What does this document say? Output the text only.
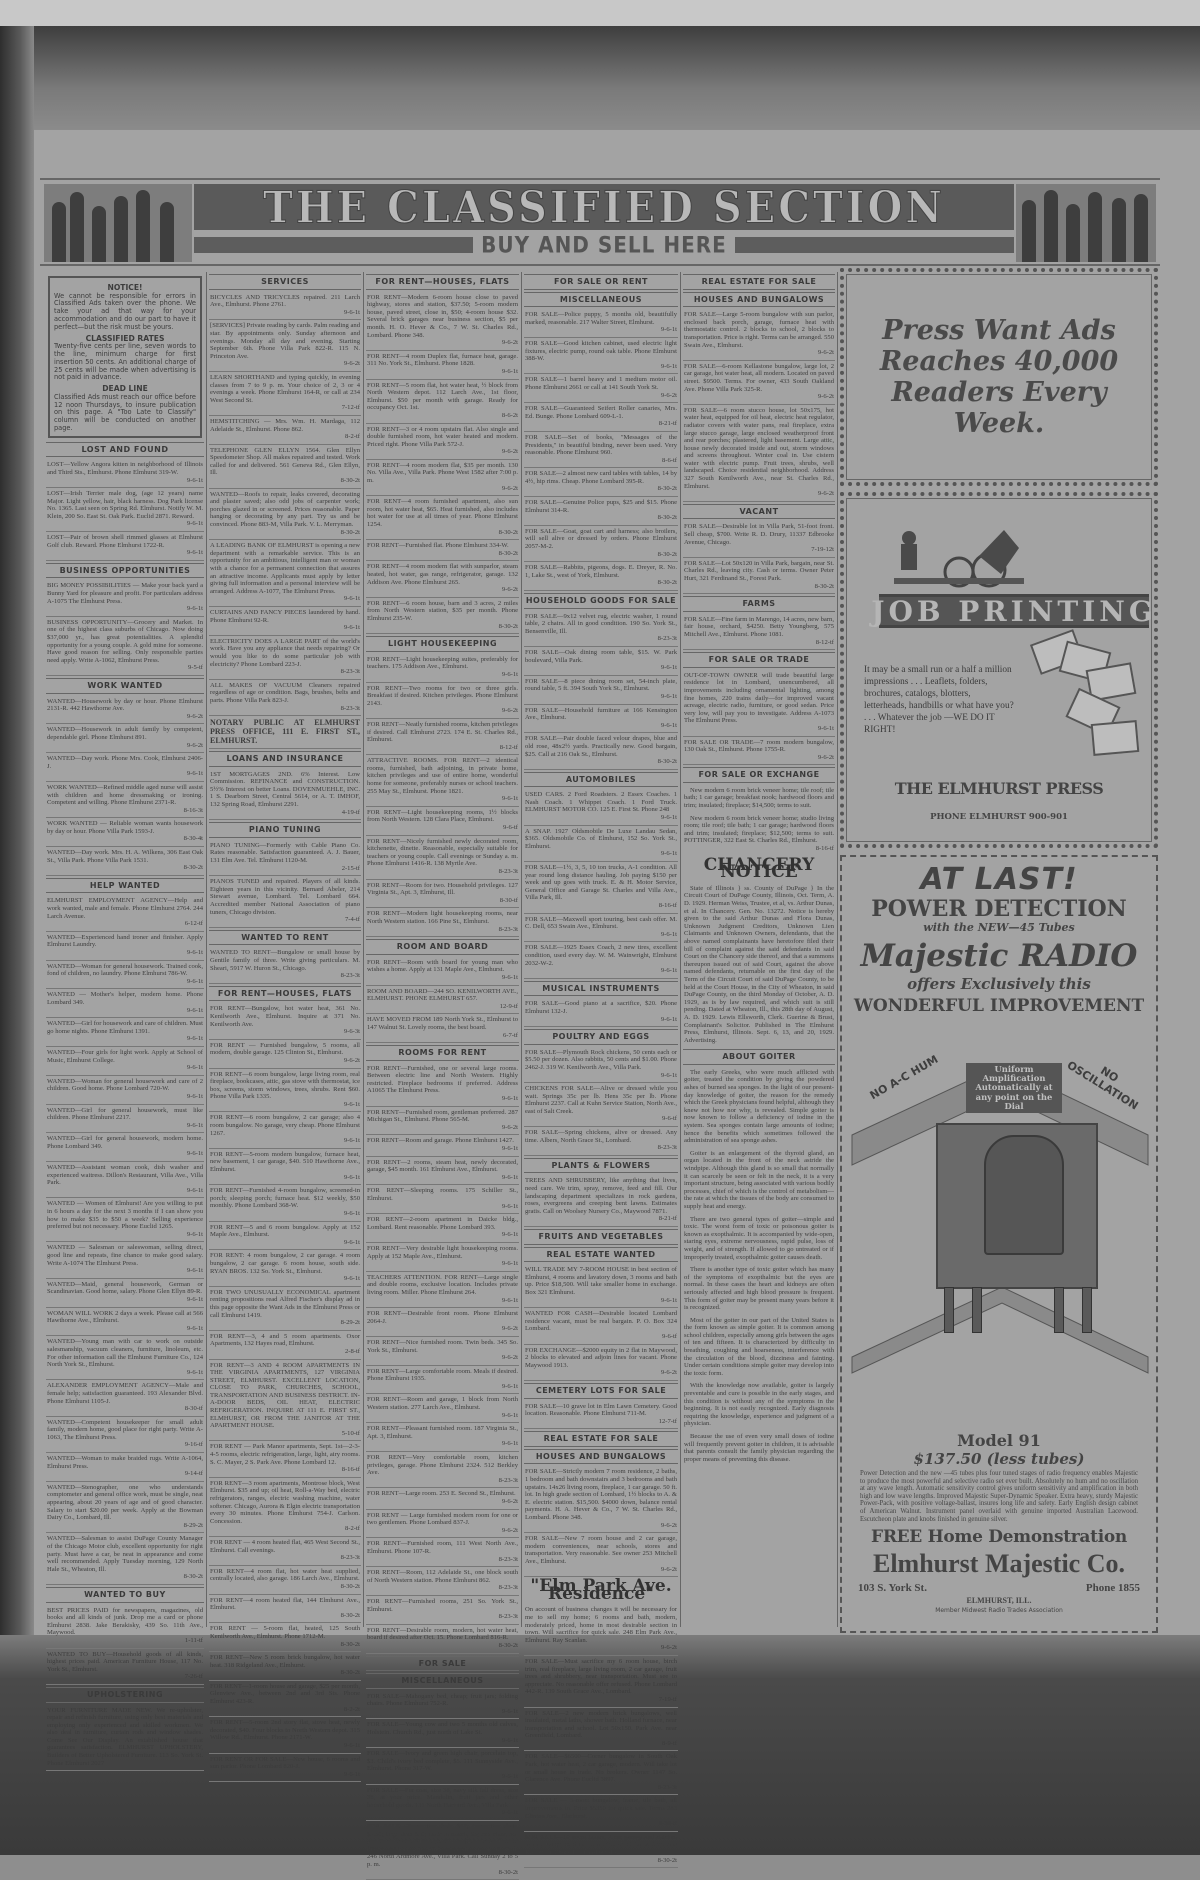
THE CLASSIFIED SECTION
BUY AND SELL HERE
NOTICE!

We cannot be responsible for errors in Classified Ads taken over the phone. We take your ad that way for your accommodation and do our part to have it perfect—but the risk must be yours.

CLASSIFIED RATES

Twenty-five cents per line, seven words to the line, minimum charge for first insertion 50 cents. An additional charge of 25 cents will be made when advertising is not paid in advance.

DEAD LINE

Classified Ads must reach our office before 12 noon Thursdays, to insure publication on this page. A "Too Late to Classify" column will be conducted on another page.

LOST AND FOUND
LOST—Yellow Angora kitten in neighborhood of Illinois and Third Sts., Elmhurst. Phone Elmhurst 319-W.
9-6-1t
LOST—Irish Terrier male dog, (age 12 years) name Major. Light yellow, hair, black harness. Dog Park license No. 1365. Last seen on Spring Rd. Elmhurst. Notify W. M. Klein, 200 So. East St. Oak Park. Euclid 2871. Reward.
9-6-1t
LOST—Pair of brown shell rimmed glasses at Elmhurst Golf club. Reward. Phone Elmhurst 1722-R.
9-6-1t
BUSINESS OPPORTUNITIES
BIG MONEY POSSIBILITIES — Make your back yard a Bunny Yard for pleasure and profit. For particulars address A-1075 The Elmhurst Press.
9-6-1t
BUSINESS OPPORTUNITY—Grocery and Market. In one of the highest class suburbs of Chicago. Now doing $37,000 yr., has great potentialities. A splendid opportunity for a young couple. A gold mine for someone. Have good reason for selling. Only responsible parties need apply. Write A-1062, Elmhurst Press.
9-5-tf
WORK WANTED
WANTED—Housework by day or hour. Phone Elmhurst 2131-R. 442 Hawthorne Ave.
9-6-2t
WANTED—Housework in adult family by competent, dependable girl. Phone Elmhurst 891.
9-6-2t
WANTED—Day work. Phone Mrs. Cook, Elmhurst 2406-J.
9-6-1t
WORK WANTED—Refined middle aged nurse will assist with children and home dressmaking or ironing. Competent and willing. Phone Elmhurst 2371-R.
8-16-3t
WORK WANTED — Reliable woman wants housework by day or hour. Phone Villa Park 1593-J.
8-30-4t
WANTED—Day work. Mrs. H. A. Wilkens, 306 East Oak St., Villa Park. Phone Villa Park 1531.
8-30-2t
HELP WANTED
ELMHURST EMPLOYMENT AGENCY—Help and work wanted, male and female. Phone Elmhurst 2764. 244 Larch Avenue.
6-12-tf
WANTED—Experienced hand ironer and finisher. Apply Elmhurst Laundry.
9-6-1t
WANTED—Woman for general housework. Trained cook, fond of children, no laundry. Phone Elmhurst 786-W.
9-6-1t
WANTED — Mother's helper, modern home. Phone Lombard 349.
9-6-1t
WANTED—Girl for housework and care of children. Must go home nights. Phone Elmhurst 1391.
9-6-1t
WANTED—Four girls for light work. Apply at School of Music, Elmhurst College.
9-6-1t
WANTED—Woman for general housework and care of 2 children. Good home. Phone Lombard 720-W.
9-6-1t
WANTED—Girl for general housework, must like children. Phone Elmhurst 2217.
9-6-1t
WANTED—Girl for general housework, modern home. Phone Lombard 349.
9-6-1t
WANTED—Assistant woman cook, dish washer and experienced waitress. Dillon's Restaurant, Villa Ave., Villa Park.
9-6-1t
WANTED — Women of Elmhurst! Are you willing to put in 6 hours a day for the next 3 months if I can show you how to make $35 to $50 a week? Selling experience preferred but not necessary. Phone Euclid 1265.
9-6-1t
WANTED — Salesman or saleswoman, selling direct, good line and repeats, fine chance to make good salary. Write A-1074 The Elmhurst Press.
9-6-1t
WANTED—Maid, general housework, German or Scandinavian. Good home, salary. Phone Glen Ellyn 89-R.
9-6-1t
WOMAN WILL WORK 2 days a week. Please call at 566 Hawthorne Ave., Elmhurst.
9-6-1t
WANTED—Young man with car to work on outside salesmanship, vacuum cleaners, furniture, linoleum, etc. For other information call the Elmhurst Furniture Co., 124 North York St., Elmhurst.
9-6-1t
ALEXANDER EMPLOYMENT AGENCY—Male and female help; satisfaction guaranteed. 193 Alexander Blvd. Phone Elmhurst 1105-J.
8-30-tf
WANTED—Competent housekeeper for small adult family, modern home, good place for right party. Write A-1063, The Elmhurst Press.
9-16-tf
WANTED—Woman to make braided rugs. Write A-1064, Elmhurst Press.
9-14-tf
WANTED—Stenographer, one who understands comptometer and general office work, must be single, neat appearing, about 20 years of age and of good character. Salary to start $20.00 per week. Apply at the Bowman Dairy Co., Lombard, Ill.
8-29-2t
WANTED—Salesman to assist DuPage County Manager of the Chicago Motor club, excellent opportunity for right party. Must have a car, be neat in appearance and come well recommended. Apply Tuesday morning, 129 North Hale St., Wheaton, Ill.
8-30-2t
WANTED TO BUY
BEST PRICES PAID for newspapers, magazines, old books and all kinds of junk. Drop me a card or phone Elmhurst 2838. Jake Berakisky, 439 So. 11th Ave., Maywood.
1-11-tf
WANTED TO BUY—Household goods of all kinds, highest prices paid. American Furniture House, 117 No. York St., Elmhurst.
7-26-tf
UPHOLSTERING
YOUR FURNITURE MADE NEW. We re-upholster, repair and refinish furniture, using only best materials and employing only experienced and skilled workmen. We also deal in furniture, curtain rods and window shades. Come See Our Display. An established house that guarantees satisfaction. ELMHURST UPHOLSTERY, Builders of Better Upholstered Furniture. 113 So. York St. Phone Elmhurst 2027
SERVICES
BICYCLES AND TRICYCLES repaired. 211 Larch Ave., Elmhurst. Phone 2761.
9-6-1t
[SERVICES] Private reading by cards. Palm reading and star. By appointments only. Sunday afternoon and evenings. Monday all day and evening. Starting September 6th. Phone Villa Park 822-R. 115 N. Princeton Ave.
9-6-2t
LEARN SHORTHAND and typing quickly, in evening classes from 7 to 9 p. m. Your choice of 2, 3 or 4 evenings a week. Phone Elmhurst 164-R, or call at 234 West Second St.
7-12-tf
HEMSTITCHING — Mrs. Wm. H. Mardaga, 112 Adelaide St., Elmhurst. Phone 862.
8-2-tf
TELEPHONE GLEN ELLYN 1564. Glen Ellyn Speedometer Shop. All makes repaired and tested. Work called for and delivered. 561 Geneva Rd., Glen Ellyn, Ill.
8-30-2t
WANTED—Roofs to repair, leaks covered, decorating and plaster saved; also odd jobs of carpenter work; porches glazed in or screened. Prices reasonable. Paper hanging or decorating by any part. Try us and be convinced. Phone 883-M, Villa Park. V. L. Merryman.
8-30-2t
A LEADING BANK OF ELMHURST is opening a new department with a remarkable service. This is an opportunity for an ambitious, intelligent man or woman with a chance for a permanent connection that assures an attractive income. Applicants must apply by letter giving full information and a personal interview will be arranged. Address A-1077, The Elmhurst Press.
9-6-1t
CURTAINS AND FANCY PIECES laundered by hand. Phone Elmhurst 92-R.
9-6-1t
ELECTRICITY DOES A LARGE PART of the world's work. Have you any appliance that needs repairing? Or would you like to do some particular job with electricity? Phone Lombard 223-J.
8-23-3t
ALL MAKES OF VACUUM Cleaners repaired regardless of age or condition. Bags, brushes, belts and parts. Phone Villa Park 823-J.
8-23-3t
NOTARY PUBLIC AT ELMHURST PRESS OFFICE, 111 E. FIRST ST., ELMHURST.
LOANS AND INSURANCE
1ST MORTGAGES 2ND. 6% Interest. Low Commission. REFINANCE and CONSTRUCTION. 5½% Interest on better Loans. DOVENMUEHLE, INC. 1 S. Dearborn Street, Central 5614, or A. T. IMHOF, 132 Spring Road, Elmhurst 2291.
4-19-tf
PIANO TUNING
PIANO TUNING—Formerly with Cable Piano Co. Rates reasonable. Satisfaction guaranteed. A. J. Bauer, 131 Elm Ave. Tel. Elmhurst 1120-M.
2-15-tf
PIANOS TUNED and repaired. Players of all kinds. Eighteen years in this vicinity. Bernard Abeler, 214 Stewart avenue, Lombard. Tel. Lombard 664. Accredited member National Association of piano tuners, Chicago division.
7-4-tf
WANTED TO RENT
WANTED TO RENT—Bungalow or small house by Gentile family of three. Write giving particulars. M. Sheari, 5917 W. Huron St., Chicago.
8-23-3t
FOR RENT—HOUSES, FLATS
FOR RENT—Bungalow, hot water heat, 361 No. Kenilworth Ave., Elmhurst. Inquire at 371 No. Kenilworth Ave.
9-6-3t
FOR RENT — Furnished bungalow, 5 rooms, all modern, double garage. 125 Clinton St., Elmhurst.
9-6-2t
FOR RENT—6 room bungalow, large living room, real fireplace, bookcases, attic, gas stove with thermostat, ice box, screens, storm windows, trees, shrubs. Rent $60. Phone Villa Park 1335.
9-6-1t
FOR RENT—6 room bungalow, 2 car garage; also 4 room bungalow. No garage, very cheap. Phone Elmhurst 1267.
9-6-1t
FOR RENT—5-room modern bungalow, furnace heat, new basement, 1 car garage, $40. 510 Hawthorne Ave., Elmhurst.
9-6-1t
FOR RENT—Furnished 4-room bungalow, screened-in porch; sleeping porch; furnace heat. $12 weekly, $50 monthly. Phone Lombard 368-W.
9-6-1t
FOR RENT—5 and 6 room bungalow. Apply at 152 Maple Ave., Elmhurst.
9-6-1t
FOR RENT: 4 room bungalow, 2 car garage. 4 room bungalow, 2 car garage. 6 room house, south side. RYAN BROS. 132 So. York St., Elmhurst.
9-6-1t
FOR TWO UNUSUALLY ECONOMICAL apartment renting propositions read Alfred Fischer's display ad in this page opposite the Want Ads in the Elmhurst Press or call Elmhurst 1419.
8-29-2t
FOR RENT—3, 4 and 5 room apartments. Oxor Apartments, 132 Hayes road, Elmhurst.
2-8-tf
FOR RENT—3 AND 4 ROOM APARTMENTS IN THE VIRGINIA APARTMENTS, 127 VIRGINIA STREET, ELMHURST. EXCELLENT LOCATION, CLOSE TO PARK, CHURCHES, SCHOOL, TRANSPORTATION AND BUSINESS DISTRICT. IN-A-DOOR BEDS, OIL HEAT, ELECTRIC REFRIGERATION. INQUIRE AT 111 E. FIRST ST., ELMHURST, OR FROM THE JANITOR AT THE APARTMENT HOUSE.
5-10-tf
FOR RENT — Park Manor apartments, Sept. 1st—2-3-4-5 rooms, electric refrigeration, large, light, airy rooms. S. C. Mayer, 2 S. Park Ave. Phone Lombard 12.
8-16-tf
FOR RENT—3 room apartments, Montrose block, West Elmhurst. $35 and up; oil heat, Roll-a-Way bed, electric refrigerators, ranges, electric washing machine, water softener. Chicago, Aurora & Elgin electric transportation every 30 minutes. Phone Elmhurst 754-J. Carlson. Concession.
8-2-tf
FOR RENT — 4 room heated flat, 465 West Second St., Elmhurst. Call evenings.
8-23-3t
FOR RENT—4 room flat, hot water heat supplied, centrally located, also garage. 186 Larch Ave., Elmhurst.
8-30-2t
FOR RENT—4 room heated flat, 144 Elmhurst Ave., Elmhurst.
8-30-2t
FOR RENT — 5-room flat, heated, 125 South Kenilworth Ave., Elmhurst. Phone 1712-M.
8-30-2t
FOR RENT—New 5 room brick bungalow, hot water heat. 318 Ridgeland Ave., Elmhurst.
8-30-2t
FOR RENT—1-room house and garage, $25 per month, Glenview Ave., between 2nd and 3rd Sts. Phone Elmhurst 423-R.
8-2-2t
FOR RENT—5-room 2nd story flat, stove heat, newly decorated, $40. Four blocks to North Western depot. 315 Willow Rd., Elmhurst. Phone 2171-W.
9-6-1t
FOR RENT OR FOR SALE—New house, 6 rooms and sun parlor. Phone Lombard 820-J.
9-6-1t
FOR RENT—HOUSES, FLATS
FOR RENT—Modern 6-room house close to paved highway, stores and station, $37.50; 5-room modern house, paved street, close in, $50; 4-room house $32. Several brick garages near business section, $5 per month. H. O. Hever & Co., 7 W. St. Charles Rd., Lombard. Phone 348.
9-6-2t
FOR RENT—4 room Duplex flat, furnace heat, garage. 311 No. York St., Elmhurst. Phone 1828.
9-6-1t
FOR RENT—5 room flat, hot water heat, ½ block from North Western depot. 112 Larch Ave., 1st floor, Elmhurst. $50 per month with garage. Ready for occupancy Oct. 1st.
8-6-2t
FOR RENT—3 or 4 room upstairs flat. Also single and double furnished room, hot water heated and modern. Priced right. Phone Villa Park 572-J.
9-6-2t
FOR RENT—4 room modern flat, $35 per month. 130 No. Villa Ave., Villa Park. Phone West 1582 after 7:00 p. m.
9-6-2t
FOR RENT—4 room furnished apartment, also sun room, hot water heat, $65. Heat furnished, also includes hot water for use at all times of year. Phone Elmhurst 1254.
8-30-2t
FOR RENT—Furnished flat. Phone Elmhurst 334-W.
8-30-2t
FOR RENT—4 room modern flat with sunparlor, steam heated, hot water, gas range, refrigerator, garage. 132 Addison Ave. Phone Elmhurst 265.
9-6-2t
FOR RENT—6 room house, barn and 3 acres, 2 miles from North Western station, $35 per month. Phone Elmhurst 235-W.
8-30-2t
LIGHT HOUSEKEEPING
FOR RENT—Light housekeeping suites, preferably for teachers. 175 Addison Ave., Elmhurst.
9-6-1t
FOR RENT—Two rooms for two or three girls. Breakfast if desired. Kitchen privileges. Phone Elmhurst 2143.
9-6-2t
FOR RENT—Neatly furnished rooms, kitchen privileges if desired. Call Elmhurst 2723. 174 E. St. Charles Rd., Elmhurst.
8-12-tf
ATTRACTIVE ROOMS. FOR RENT—2 identical rooms, furnished, bath adjoining, in private home, kitchen privileges and use of entire home, wonderful home for someone, preferably nurses or school teachers. 255 May St., Elmhurst. Phone 1821.
9-6-1t
FOR RENT—Light housekeeping rooms, 1½ blocks from North Western. 128 Clara Place, Elmhurst.
9-6-tf
FOR RENT—Nicely furnished newly decorated room, kitchenette, dinette. Reasonable, especially suitable for teachers or young couple. Call evenings or Sunday a. m. Phone Elmhurst 1416-R. 138 Myrtle Ave.
8-23-3t
FOR RENT—Room for two. Household privileges. 127 Virginia St., Apt. 3, Elmhurst, Ill.
8-30-tf
FOR RENT—Modern light housekeeping rooms, near North Western station. 166 Pine St., Elmhurst.
8-23-3t
ROOM AND BOARD
FOR RENT—Room with board for young man who wishes a home. Apply at 131 Maple Ave., Elmhurst.
9-6-1t
ROOM AND BOARD—244 SO. KENILWORTH AVE., ELMHURST. PHONE ELMHURST 657.
12-9-tf
HAVE MOVED FROM 189 North York St., Elmhurst to 147 Walnut St. Lovely rooms, the best board.
6-7-tf
ROOMS FOR RENT
FOR RENT—Furnished, one or several large rooms. Between electric line and North Western. Highly restricted. Fireplace bedrooms if preferred. Address A1065 The Elmhurst Press.
9-6-1t
FOR RENT—Furnished room, gentleman preferred. 287 Michigan St., Elmhurst. Phone 565-M.
9-6-2t
FOR RENT—Room and garage. Phone Elmhurst 1427.
9-6-1t
FOR RENT—2 rooms, steam heat, newly decorated, garage, $45 month. 161 Elmhurst Ave., Elmhurst.
9-6-1t
FOR RENT—Sleeping rooms. 175 Schiller St., Elmhurst.
9-6-1t
FOR RENT—2-room apartment in Daicke bldg., Lombard. Rent reasonable. Phone Lombard 393.
9-6-1t
FOR RENT—Very desirable light housekeeping rooms. Apply at 152 Maple Ave., Elmhurst.
9-6-1t
TEACHERS ATTENTION. FOR RENT—Large single and double rooms, exclusive location. Includes private living room. Miller. Phone Elmhurst 264.
9-6-1t
FOR RENT—Desirable front room. Phone Elmhurst 2064-J.
9-6-2t
FOR RENT—Nice furnished room. Twin beds. 345 So. York St., Elmhurst.
9-6-2t
FOR RENT—Large comfortable room. Meals if desired. Phone Elmhurst 1935.
9-6-1t
FOR RENT—Room and garage, 1 block from North Western station. 277 Larch Ave., Elmhurst.
9-6-1t
FOR RENT—Pleasant furnished room. 187 Virginia St., Apt. 3, Elmhurst.
9-6-1t
FOR RENT—Very comfortable room, kitchen privileges, garage. Phone Elmhurst 2324. 512 Berkley Ave.
8-23-3t
FOR RENT—Large room. 253 E. Second St., Elmhurst.
9-6-2t
FOR RENT — Large furnished modern room for one or two gentlemen. Phone Lombard 837-J.
9-6-2t
FOR RENT—Furnished room, 111 West North Ave., Elmhurst. Phone 107-R.
8-23-3t
FOR RENT—Room, 112 Adelaide St., one block south of North Western station. Phone Elmhurst 862.
8-23-3t
FOR RENT—Furnished rooms, 251 So. York St., Elmhurst.
8-23-3t
FOR RENT—Desirable room, modern, hot water heat, board if desired after Oct. 15. Phone Lombard 816-R.
8-30-2t
FOR SALE
MISCELLANEOUS
FOR SALE—Mahogany bed, cheap; fruit jars; folding chairs. Phone Elmhurst 752-R.
9-6-1t
FOR SALE—Young cow and two 5 months old calves, Holstein. Church Rd., just north of Lake St.
9-6-1t
FOR SALE—Ivory and green high chair, porcelain top, $3. Child's ivory bed complete, $5. 111 Sunnyside Ave., Elmhurst. Phone 317-W.
9-6-1t
FOR SALE—Fur coat, size 38, navy silk fall dress, size 38, at your price. Mandolin, fruit jars and other household goods. 131 North Harvard Ave., Villa Park.
9-6-1t
FOR SALE—Typewriter desk, $12; typewriter chair, $2.50; large desk $20; chair to match, $5; cod chair, $6; gas steam heater, $10; rugs, $12 to $25; picture frames; kitchen cabinet, $10; window screens, etc. R. E. Wall, 246 North Ardmore Ave., Villa Park. Call Sunday 2 to 5 p. m.
8-30-2t
FOR SALE OR RENT
MISCELLANEOUS
FOR SALE—Police puppy, 5 months old, beautifully marked, reasonable. 217 Walter Street, Elmhurst.
9-6-1t
FOR SALE—Good kitchen cabinet, used electric light fixtures, electric pump, round oak table. Phone Elmhurst 388-W.
9-6-1t
FOR SALE—1 barrel heavy and 1 medium motor oil. Phone Elmhurst 2661 or call at 141 South York St.
9-6-2t
FOR SALE—Guaranteed Seifert Roller canaries, Mrs. Ed. Bunge. Phone Lombard 609-L-1.
8-21-tf
FOR SALE—Set of books, "Messages of the Presidents," in beautiful binding, never been used. Very reasonable. Phone Elmhurst 960.
8-6-tf
FOR SALE—2 almost new card tables with tables, 14 by 4½, hip rims. Cheap. Phone Lombard 395-R.
8-30-2t
FOR SALE—Genuine Police pups, $25 and $15. Phone Elmhurst 314-R.
8-30-2t
FOR SALE—Goat, goat cart and harness; also broilers, will sell alive or dressed by orders. Phone Elmhurst 2057-M-2.
8-30-2t
FOR SALE—Rabbits, pigeons, dogs. E. Dreyer, R. No. 1, Lake St., west of York, Elmhurst.
8-30-2t
HOUSEHOLD GOODS FOR SALE
FOR SALE—9x12 velvet rug, electric washer, 1 round table, 2 chairs. All in good condition. 190 So. York St., Bensenville, Ill.
8-23-3t
FOR SALE—Oak dining room table, $15. W. Park boulevard, Villa Park.
9-6-1t
FOR SALE—8 piece dining room set, 54-inch plate, round table, 5 ft. 394 South York St., Elmhurst.
9-6-1t
FOR SALE—Household furniture at 166 Kensington Ave., Elmhurst.
9-6-1t
FOR SALE—Pair double faced velour drapes, blue and old rose, 48x2½ yards. Practically new. Good bargain, $25. Call at 216 Oak St., Elmhurst.
8-30-2t
AUTOMOBILES
USED CARS. 2 Ford Roadsters. 2 Essex Coaches. 1 Nash Coach. 1 Whippet Coach. 1 Ford Truck. ELMHURST MOTOR CO. 125 E. First St. Phone 248
9-6-1t
A SNAP. 1927 Oldsmobile De Luxe Landau Sedan, $365. Oldsmobile Co. of Elmhurst, 152 So. York St., Elmhurst.
9-6-1t
FOR SALE—1½, 3, 5, 10 ton trucks, A-1 condition. All year round long distance hauling. Job paying $150 per week and up goes with truck. E. & H. Motor Service, General Office and Garage St. Charles and Villa Ave., Villa Park, Ill.
8-16-tf
FOR SALE—Maxwell sport touring, best cash offer. M. C. Dell, 653 Swain Ave., Elmhurst.
9-6-1t
FOR SALE—1925 Essex Coach, 2 new tires, excellent condition, used every day. W. M. Wainwright, Elmhurst 2032-W-2.
9-6-1t
MUSICAL INSTRUMENTS
FOR SALE—Good piano at a sacrifice, $20. Phone Elmhurst 132-J.
9-6-1t
POULTRY AND EGGS
FOR SALE—Plymouth Rock chickens, 50 cents each or $5.50 per dozen. Also rabbits, 50 cents and $1.00. Phone 2462-J. 319 W. Kenilworth Ave., Villa Park.
9-6-1t
CHICKENS FOR SALE—Alive or dressed while you wait. Springs 35c per lb. Hens 35c per lb. Phone Elmhurst 2237. Call at Kuhn Service Station, North Ave., east of Salt Creek.
9-6-tf
FOR SALE—Spring chickens, alive or dressed. Any time. Albers, North Grace St., Lombard.
8-23-3t
PLANTS & FLOWERS
TREES AND SHRUBBERY, like anything that lives, need care. We trim, spray, remove, feed and fill. Our landscaping department specializes in rock gardens, roses, evergreens and creeping bent lawns. Estimates gratis. Call on Woolsey Nursery Co., Maywood 7871.
8-21-tf
FRUITS AND VEGETABLES
REAL ESTATE WANTED
WILL TRADE MY 7-ROOM HOUSE in best section of Elmhurst, 4 rooms and lavatory down, 3 rooms and bath up. Price $18,500. Will take smaller home in exchange. Box 321 Elmhurst.
9-6-1t
WANTED FOR CASH—Desirable located Lombard residence vacant, must be real bargain. P. O. Box 324 Lombard.
9-6-tf
FOR EXCHANGE—$2000 equity in 2 flat in Maywood, 2 blocks to elevated and adjoin lines for vacant. Phone Maywood 1913.
9-6-2t
CEMETERY LOTS FOR SALE
FOR SALE—10 grave lot in Elm Lawn Cemetery. Good location. Reasonable. Phone Elmhurst 711-M.
12-7-tf
REAL ESTATE FOR SALE
HOUSES AND BUNGALOWS
FOR SALE—Strictly modern 7 room residence, 2 baths, 1 bedroom and bath downstairs and 3 bedrooms and bath upstairs. 14x26 living room, fireplace, 1 car garage. 50 ft. lot. In high grade section of Lombard, 1½ blocks to A. & E. electric station. $15,500. $4000 down, balance rental payments. H. A. Hever & Co., 7 W. St. Charles Rd., Lombard. Phone 348.
9-6-2t
FOR SALE—New 7 room house and 2 car garage, modern conveniences, near schools, stores and transportation. Very reasonable. See owner 253 Mitchell Ave., Elmhurst.
9-6-2t
"Elm Park Ave. Residence"
On account of business changes it will be necessary for me to sell my home; 6 rooms and bath, modern, moderately priced, home in most desirable section in town. Will sacrifice for quick sale. 248 Elm Park Ave., Elmhurst. Ray Scanlan.
9-6-2t
FOR SALE—Must sacrifice my 6 room house, birch trim, real fireplace, large living room, 2 car garage, fruit trees and shrubbery, near transportation. Must see to appreciate. No reasonable offer refused. Phone Lombard 442-R. 139 South Grace Ave., Lombard.
7-19-tf
FOR SALE—2 new modern brick bungalows, well insulated, metal laths, shower bath. Holland furnace, near transportation and school. Lot 50x150. Park Ave. near Greenfield, Lombard.
8-9-tf
FOR SALE—$6500—Corner bungalow in South Oak Park, hot water heat, 2 car garage, modern. Will take lot or small house in trade. No brokers. Owner 1147 So. Clarence Ave. Phone Euclid 3897.
8-23-3t
FOR SALE — 5-room bungalow, frame, tile bath, all improvements in. Price $5350 for quick sale. Terms 283 Clinton Ave., Elmhurst.
8-30-tf
FOR SALE—10 room house, 2 car garage and chicken house. Large garden. Lots 82x125 at Villa Ave. and Roosevelt. Phone Lombard 869-L-2.
8-30-2t
REAL ESTATE FOR SALE
HOUSES AND BUNGALOWS
FOR SALE—Large 5-room bungalow with sun parlor, enclosed back porch, garage, furnace heat with thermostatic control. 2 blocks to school, 2 blocks to transportation. Price is right. Terms can be arranged. 550 Swain Ave., Elmhurst.
9-6-2t
FOR SALE—6-room Kellastone bungalow, large lot, 2 car garage, hot water heat, all modern. Located on paved street. $9500. Terms. For owner, 433 South Oakland Ave. Phone Villa Park 325-R.
9-6-2t
FOR SALE—6 room stucco house, lot 50x175, hot water heat, equipped for oil heat, electric heat regulator, radiator covers with water pans, real fireplace, extra large stucco garage, large enclosed weatherproof front and rear porches; plastered, light basement. Large attic, house newly decorated inside and out, storm windows and screens throughout. Winter coal in. Use cistern water with electric pump. Fruit trees, shrubs, well landscaped. Choice residential neighborhood. Address 327 South Kenilworth Ave., near St. Charles Rd., Elmhurst.
9-6-2t
VACANT
FOR SALE—Desirable lot in Villa Park, 51-foot front. Sell cheap, $700. Write R. D. Drury, 11337 Edbrooke Avenue, Chicago.
7-19-12t
FOR SALE—Lot 50x120 in Villa Park, bargain, near St. Charles Rd., leaving city. Cash or terms. Owner Peter Hurt, 321 Ferdinand St., Forest Park.
8-30-2t
FARMS
FOR SALE—Fine farm in Marengo, 14 acres, new barn, fair house, orchard, $4250. Betty Youngberg, 575 Mitchell Ave., Elmhurst. Phone 1081.
8-12-tf
FOR SALE OR TRADE
OUT-OF-TOWN OWNER will trade beautiful large residence lot in Lombard, unencumbered, all improvements including ornamental lighting, among fine homes, 220 trains daily—for improved vacant acreage, electric radio, furniture, or good sedan. Price very low, will pay you to investigate. Address A-1073 The Elmhurst Press.
9-6-1t
FOR SALE OR TRADE—7 room modern bungalow, 130 Oak St., Elmhurst. Phone 1755-R.
9-6-2t
FOR SALE OR EXCHANGE
New modern 6 room brick veneer home; tile roof; tile bath; 1 car garage; breakfast nook; hardwood floors and trim; insulated; fireplace; $14,500; terms to suit.
New modern 6 room brick veneer home; studio living room; tile roof; tile bath; 1 car garage; hardwood floors and trim; insulated; fireplace; $12,500; terms to suit. POTTINGER, 322 East St. Charles Rd., Elmhurst.
8-16-tf
CHANCERY NOTICE
State of Illinois } ss. County of DuPage } In the Circuit Court of DuPage County, Illinois, Oct. Term, A. D. 1929. Herman Weiss, Trustee, et al, vs. Arthur Dunas, et al. In Chancery. Gen. No. 13272. Notice is hereby given to the said Arthur Dunas and Flora Dunas, Unknown Judgment Creditors, Unknown Lien Claimants and Unknown Owners, defendants, that the above named complainants have heretofore filed their bill of complaint against the said defendants in said Court on the Chancery side thereof, and that a summons thereupon issued out of said Court, against the above named defendants, returnable on the first day of the Term of the Circuit Court of said DuPage County, to be held at the Court House, in the City of Wheaton, in said DuPage County, on the third Monday of October, A. D. 1929, as is by law required, and which suit is still pending. Dated at Wheaton, Ill., this 28th day of August, A. D. 1929. Lewis Ellsworth, Clerk. Guerine & Brust, Complainant's Solicitor. Published in The Elmhurst Press, Elmhurst, Illinois. Sept. 6, 13, and 20, 1929. Advertising.
ABOUT GOITER
The early Greeks, who were much afflicted with goiter, treated the condition by giving the powdered ashes of burned sea sponges. In the light of our present-day knowledge of goiter, the reason for the remedy which the Greek physicians found helpful, although they knew not how nor why, is revealed. Simple goiter is now known to follow a deficiency of iodine in the system. Sea sponges contain large amounts of iodine; hence the benefits which sometimes followed the administration of sea sponge ashes.
Goiter is an enlargement of the thyroid gland, an organ located in the front of the neck astride the windpipe. Although this gland is so small that normally it can scarcely be seen or felt in the neck, it is a very important structure, being associated with various bodily processes, chief of which is the control of metabolism—the rate at which the tissues of the body are consumed to supply heat and energy.
There are two general types of goiter—simple and toxic. The worst form of toxic or poisonous goiter is known as exopthalmic. It is accompanied by wide-open, staring eyes, extreme nervousness, rapid pulse, loss of weight, and of strength. If allowed to go untreated or if improperly treated, exopthalmic goiter causes death.
There is another type of toxic goiter which has many of the symptoms of exopthalmic but the eyes are normal. In these cases the heart and kidneys are often seriously affected and high blood pressure is frequent. This form of goiter may be present many years before it is recognized.
Most of the goiter in our part of the United States is the form known as simple goiter. It is common among school children, especially among girls between the ages of ten and fifteen. It is characterized by difficulty in breathing, coughing and hoarseness, interference with the circulation of the blood, dizziness and fainting. Under certain conditions simple goiter may develop into the toxic form.
With the knowledge now available, goiter is largely preventable and cure is possible in the early stages, and this condition is without any of the symptoms in the beginning. It is not easily recognized. Early diagnosis requiring the knowledge, experience and judgment of a physician.
Because the use of even very small doses of iodine will frequently prevent goiter in children, it is advisable that parents consult the family physician regarding the proper means of preventing this disease.
Press Want Ads
Reaches 40,000
Readers Every
Week.
JOB PRINTING
It may be a small run or a half a million impressions . . . Leaflets, folders, brochures, catalogs, blotters, letterheads, handbills or what have you? . . . Whatever the job —WE DO IT RIGHT!
THE ELMHURST PRESS
PHONE ELMHURST 900-901
AT LAST!
POWER DETECTION
with the NEW—45 Tubes
Majestic RADIO
offers Exclusively this
WONDERFUL IMPROVEMENT
NO A-C HUM	NO OSCILLATION
Uniform Amplification Automatically at any point on the Dial
Model 91
$137.50 (less tubes)
Power Detection and the new —45 tubes plus four tuned stages of radio frequency enables Majestic to produce the most powerful and selective radio set ever built. Absolutely no hum and no oscillation at any wave length. Automatic sensitivity control gives uniform sensitivity and amplification in both high and low wave lengths. Improved Majestic Super-Dynamic Speaker. Extra heavy, sturdy Majestic Power-Pack, with positive voltage-ballast, insures long life and safety. Early English design cabinet of American Walnut. Instrument panel overlaid with genuine imported Australian Lacewood. Escutcheon plate and knobs finished in genuine silver.
FREE Home Demonstration
Elmhurst Majestic Co.
103 S. York St.	Phone 1855
ELMHURST, ILL.
Member Midwest Radio Trades Association
